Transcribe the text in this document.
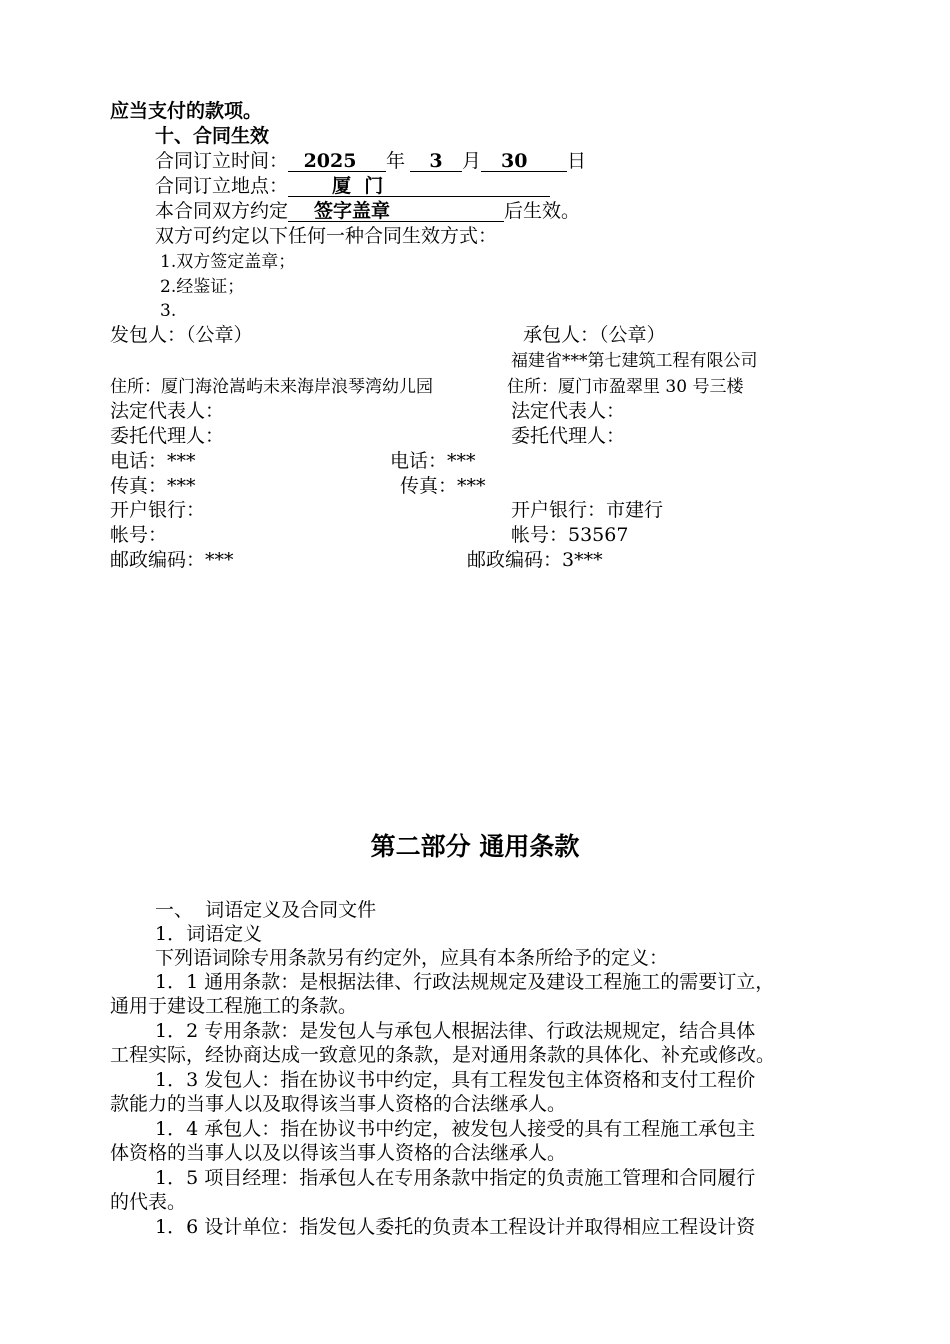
应当支付的款项。
十、合同生效
合同订立时间： 2025 年 3 月 30 日
合同订立地点： 厦  门
本合同双方约定 签字盖章	后生效。
双方可约定以下任何一种合同生效方式：
1.双方签定盖章；
2.经鉴证；
3.
发包人：（公章）	承包人：（公章）
福建省***第七建筑工程有限公司
住所：厦门海沧嵩屿未来海岸浪琴湾幼儿园	住所：厦门市盈翠里 30 号三楼
法定代表人：	法定代表人：
委托代理人：	委托代理人：
电话：***	电话：***
传真：***	传真：***
开户银行：	开户银行：市建行
帐号：	帐号：53567
邮政编码：***	邮政编码：3***
第二部分 通用条款
一、  词语定义及合同文件
1．词语定义
下列语词除专用条款另有约定外，应具有本条所给予的定义：
1．1 通用条款：是根据法律、行政法规规定及建设工程施工的需要订立，
通用于建设工程施工的条款。
1．2 专用条款：是发包人与承包人根据法律、行政法规规定，结合具体
工程实际，经协商达成一致意见的条款，是对通用条款的具体化、补充或修改。
1．3 发包人：指在协议书中约定，具有工程发包主体资格和支付工程价
款能力的当事人以及取得该当事人资格的合法继承人。
1．4 承包人：指在协议书中约定，被发包人接受的具有工程施工承包主
体资格的当事人以及以得该当事人资格的合法继承人。
1．5 项目经理：指承包人在专用条款中指定的负责施工管理和合同履行
的代表。
1．6 设计单位：指发包人委托的负责本工程设计并取得相应工程设计资
